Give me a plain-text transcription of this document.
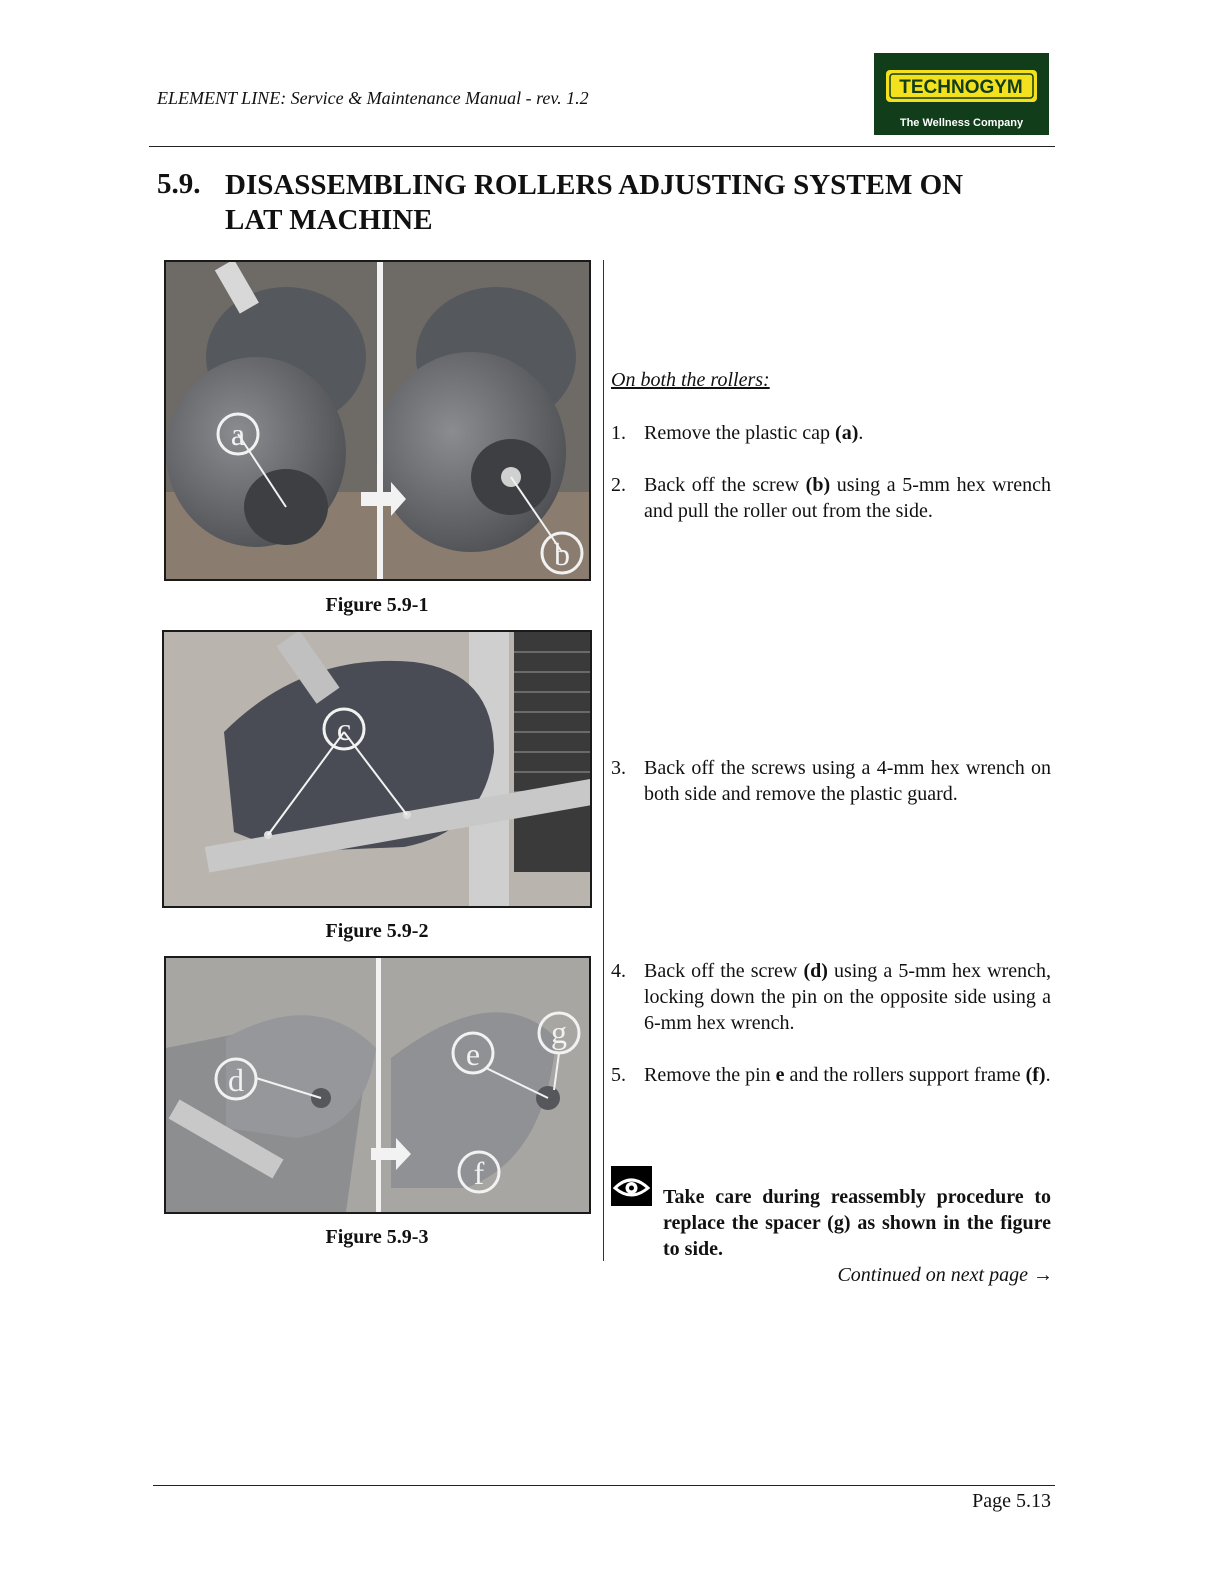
ELEMENT LINE: Service & Maintenance Manual - rev. 1.2	TECHNOGYM
The Wellness Company
5.9. DISASSEMBLING ROLLERS ADJUSTING SYSTEM ON LAT MACHINE
a
b
Figure 5.9-1
c
Figure 5.9-2
d
e
g
f
Figure 5.9-3
On both the rollers:
1. Remove the plastic cap (a).
2. Back off the screw (b) using a 5-mm hex wrench and pull the roller out from the side.
3. Back off the screws using a 4-mm hex wrench on both side and remove the plastic guard.
4. Back off the screw (d) using a 5-mm hex wrench, locking down the pin on the opposite side using a 6-mm hex wrench.
5. Remove the pin e and the rollers support frame (f).
Take care during reassembly procedure to replace the spacer (g) as shown in the figure to side.
Continued on next page →
Page 5.13
